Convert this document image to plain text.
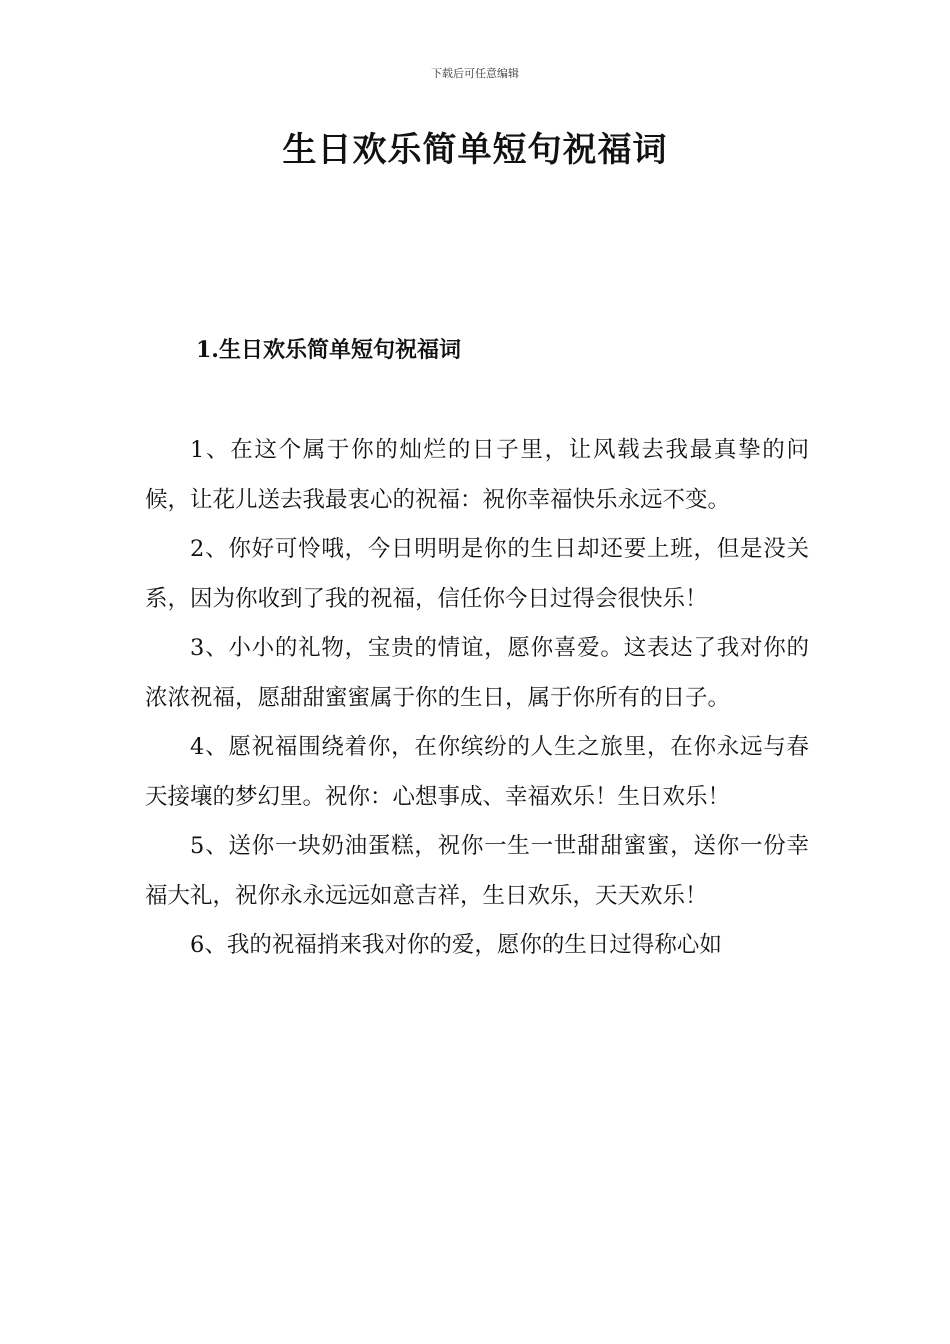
下载后可任意编辑
生日欢乐简单短句祝福词
1.生日欢乐简单短句祝福词

1、在这个属于你的灿烂的日子里，让风载去我最真挚的问候，让花儿送去我最衷心的祝福：祝你幸福快乐永远不变。

2、你好可怜哦，今日明明是你的生日却还要上班，但是没关系，因为你收到了我的祝福，信任你今日过得会很快乐！

3、小小的礼物，宝贵的情谊，愿你喜爱。这表达了我对你的浓浓祝福，愿甜甜蜜蜜属于你的生日，属于你所有的日子。

4、愿祝福围绕着你，在你缤纷的人生之旅里，在你永远与春天接壤的梦幻里。祝你：心想事成、幸福欢乐！生日欢乐！

5、送你一块奶油蛋糕，祝你一生一世甜甜蜜蜜，送你一份幸福大礼，祝你永永远远如意吉祥，生日欢乐，天天欢乐！

6、我的祝福捎来我对你的爱，愿你的生日过得称心如
